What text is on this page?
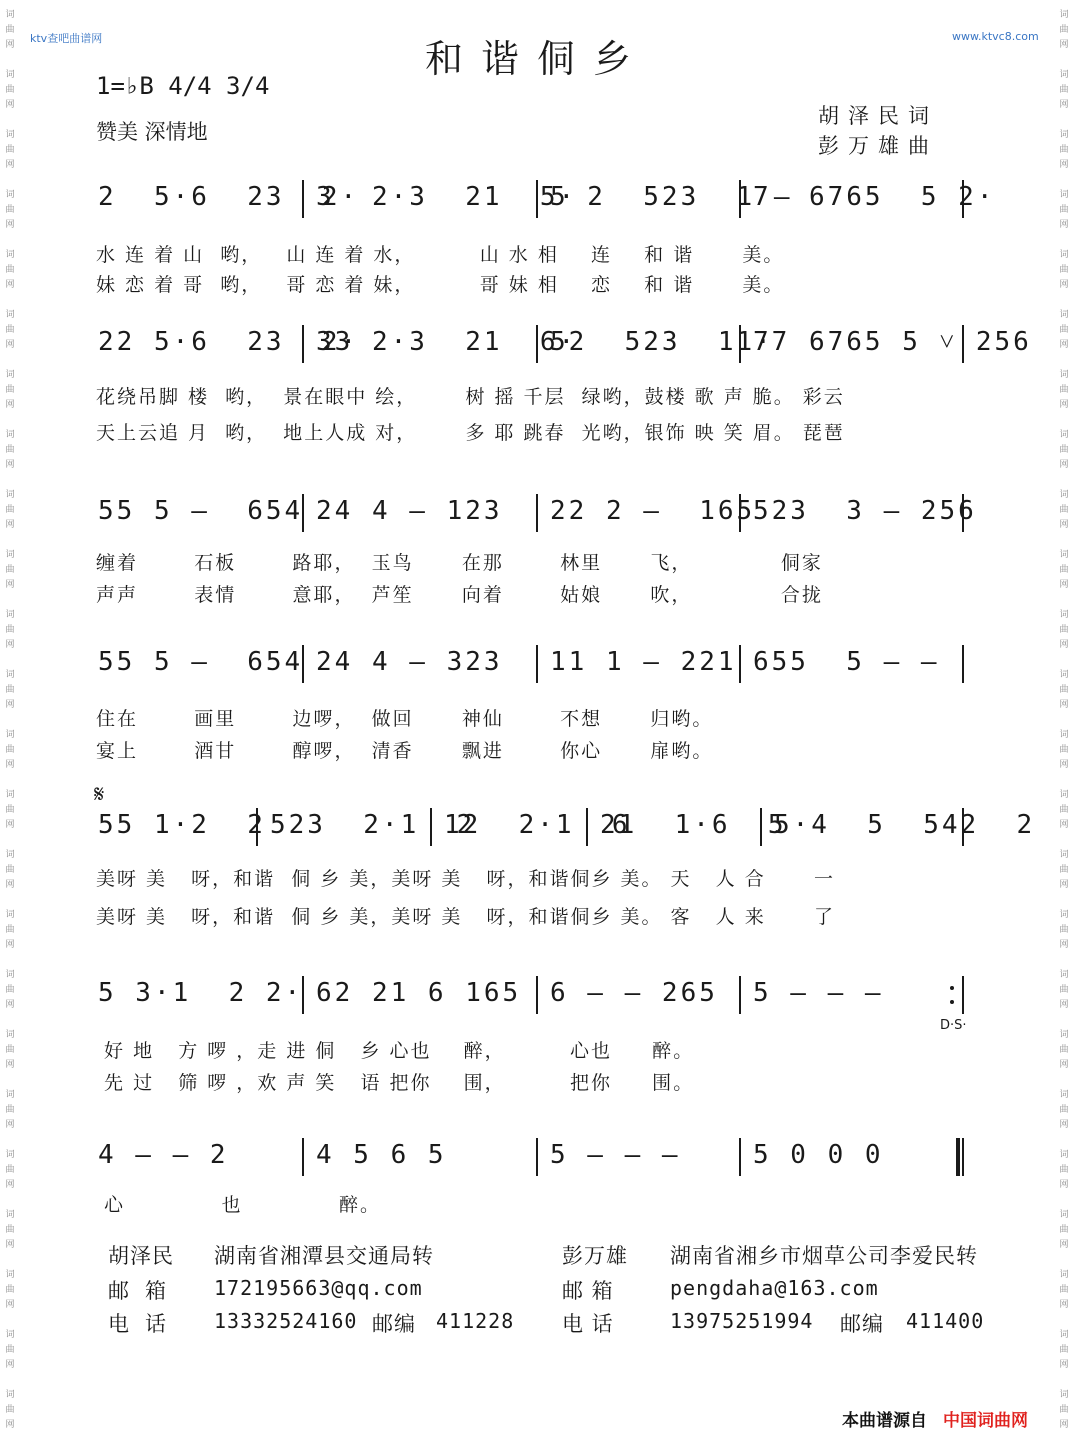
词
曲
网
词
曲
网
词
曲
网
词
曲
网
词
曲
网
词
曲
网
词
曲
网
词
曲
网
词
曲
网
词
曲
网
词
曲
网
词
曲
网
词
曲
网
词
曲
网
词
曲
网
词
曲
网
词
曲
网
词
曲
网
词
曲
网
词
曲
网
词
曲
网
词
曲
网
词
曲
网
词
曲
网
词
曲
网
词
曲
网
词
曲
网
词
曲
网
词
曲
网
词
曲
网
词
曲
网
词
曲
网
词
曲
网
词
曲
网
词
曲
网
词
曲
网
词
曲
网
词
曲
网
词
曲
网
词
曲
网
词
曲
网
词
曲
网
词
曲
网
词
曲
网
词
曲
网
词
曲
网
词
曲
网
词
曲
网
ktv查吧曲谱网	www.ktvc8.com
和谐侗乡
1=♭B 4/4 3/4
赞美 深情地
胡泽民词
彭万雄曲
2  5·6  23  2·
3  2·3  21  5·
5 2  523  1 –
7  6765  5 2·
水 连 着 山  哟，   山 连 着 水，        山 水 相    连    和 谐      美。
妹 恋 着 哥  哟，   哥 恋 着 妹，        哥 妹 相    恋    和 谐      美。
22 5·6  23  2·
33 2·3  21  6·
52  523  11·
77 6765 5 ˅ 256
花绕吊脚 楼  哟，  景在眼中 绘，      树 摇 千层  绿哟，鼓楼 歌 声 脆。 彩云
天上云追 月  哟，  地上人成 对，      多 耶 跳春  光哟，银饰 映 笑 眉。 琵琶
55 5 –  654 24 4 – 123 22 2 –  165
523  3 – 256
缠着       石板       路耶，  玉鸟      在那       林里      飞，           侗家
声声       表情       意耶，  芦笙      向着       姑娘      吹，           合拢
55 5 –  654 24 4 – 323 11 1 – 221 655  5 – –
住在       画里       边啰，  做回      神仙       不想      归哟。
宴上       酒甘       醇啰，  清香      飘进       你心      扉哟。
55 1·2  2 523  2·1  2
12  2·1  6
21  1·6  5
5·4  5  542  2
美呀 美   呀，和谐  侗 乡 美，美呀 美   呀，和谐侗乡 美。 天   人 合      一
美呀 美   呀，和谐  侗 乡 美，美呀 美   呀，和谐侗乡 美。 客   人 来      了
5 3·1  2 2· 62 21 6 165 6 – – 265 5 – – –
好 地   方 啰 ，走 进 侗   乡 心也    醉，        心也     醉。
先 过   筛 啰 ，欢 声 笑   语 把你    围，        把你     围。
D·S·
4 – – 2	4 5 6 5	5 – – –	5 0 0 0
心            也            醉。
𝄋
胡泽民 湖南省湘潭县交通局转
邮箱 172195663@qq.com
电话 13332524160 邮编 411228
彭万雄 湖南省湘乡市烟草公司李爱民转
邮 箱	pengdaha@163.com
电 话	13975251994 邮编 411400
本曲谱源自 中国词曲网
